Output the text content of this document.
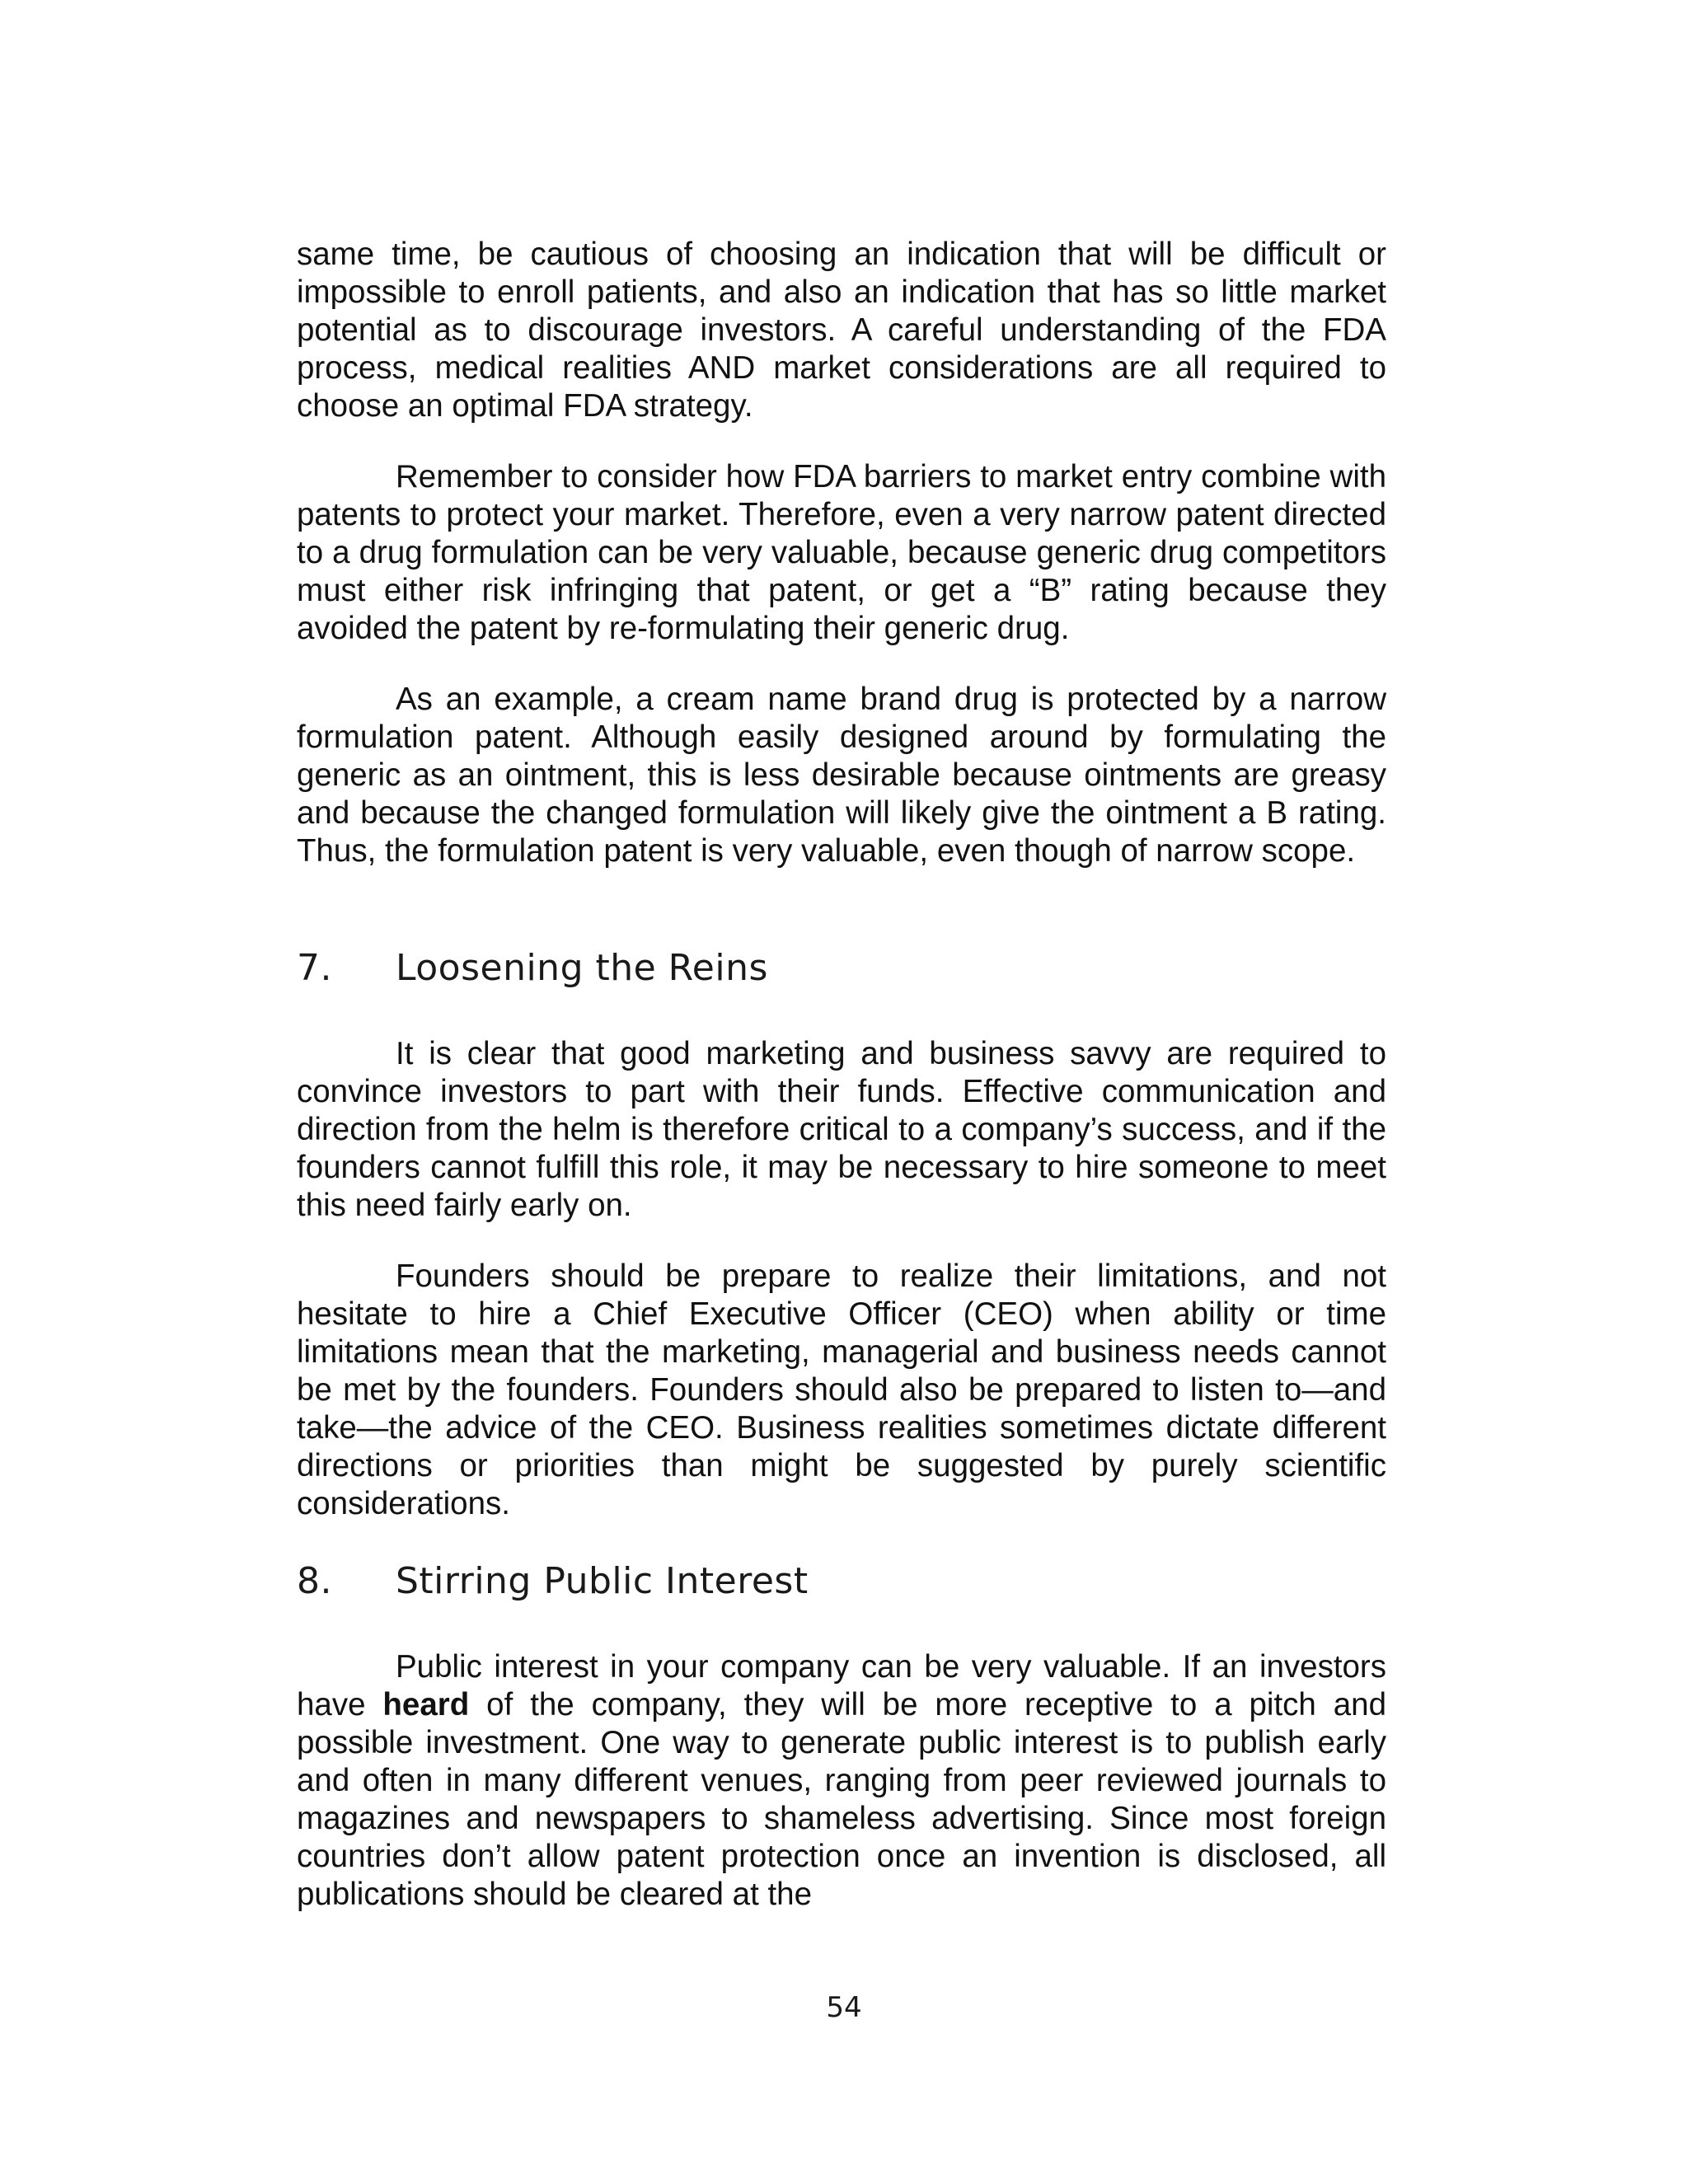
same time, be cautious of choosing an indication that will be difficult or impossible to enroll patients, and also an indication that has so little market potential as to discourage investors. A careful understanding of the FDA process, medical realities AND market considerations are all required to choose an optimal FDA strategy.

Remember to consider how FDA barriers to market entry combine with patents to protect your market. Therefore, even a very narrow patent directed to a drug formulation can be very valuable, because generic drug competitors must either risk infringing that patent, or get a “B” rating because they avoided the patent by re-formulating their generic drug.

As an example, a cream name brand drug is protected by a narrow formulation patent. Although easily designed around by formulating the generic as an ointment, this is less desirable because ointments are greasy and because the changed formulation will likely give the ointment a B rating. Thus, the formulation patent is very valuable, even though of narrow scope.

7. Loosening the Reins

It is clear that good marketing and business savvy are required to convince investors to part with their funds. Effective communication and direction from the helm is therefore critical to a company’s success, and if the founders cannot fulfill this role, it may be necessary to hire someone to meet this need fairly early on.

Founders should be prepare to realize their limitations, and not hesitate to hire a Chief Executive Officer (CEO) when ability or time limitations mean that the marketing, managerial and business needs cannot be met by the founders. Founders should also be prepared to listen to—and take—the advice of the CEO. Business realities sometimes dictate different directions or priorities than might be suggested by purely scientific considerations.

8. Stirring Public Interest

Public interest in your company can be very valuable. If an investors have heard of the company, they will be more receptive to a pitch and possible investment. One way to generate public interest is to publish early and often in many different venues, ranging from peer reviewed journals to magazines and newspapers to shameless advertising. Since most foreign countries don’t allow patent protection once an invention is disclosed, all publications should be cleared at the

54
